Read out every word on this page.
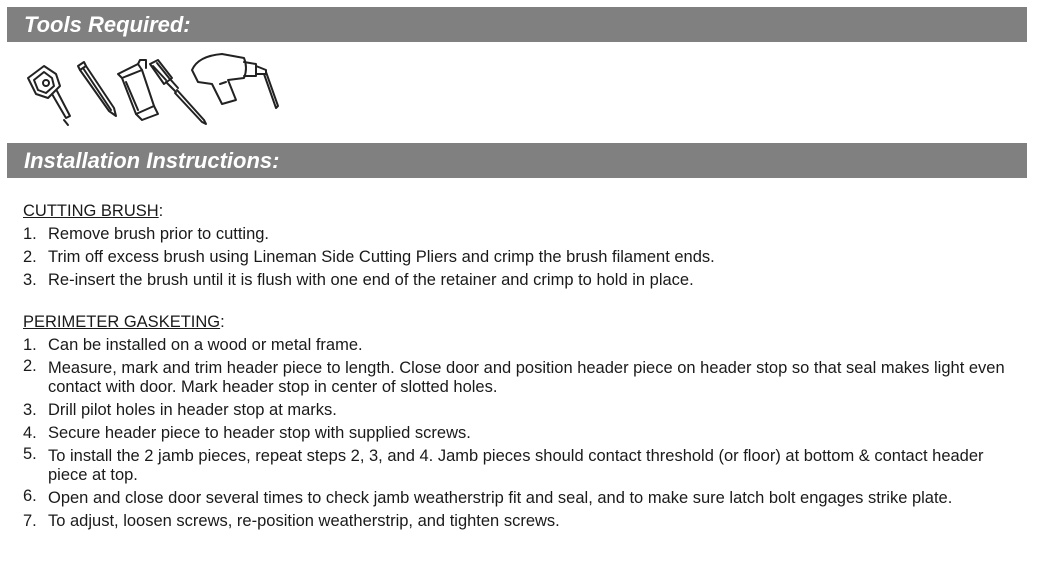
Tools Required:
Installation Instructions:
CUTTING BRUSH:
1. Remove brush prior to cutting.
2. Trim off excess brush using Lineman Side Cutting Pliers and crimp the brush filament ends.
3. Re-insert the brush until it is flush with one end of the retainer and crimp to hold in place.
PERIMETER GASKETING:
1. Can be installed on a wood or metal frame.
2. Measure, mark and trim header piece to length. Close door and position header piece on header stop so that seal makes light even contact with door. Mark header stop in center of slotted holes.
3. Drill pilot holes in header stop at marks.
4. Secure header piece to header stop with supplied screws.
5. To install the 2 jamb pieces, repeat steps 2, 3, and 4. Jamb pieces should contact threshold (or floor) at bottom & contact header piece at top.
6. Open and close door several times to check jamb weatherstrip fit and seal, and to make sure latch bolt engages strike plate.
7. To adjust, loosen screws, re-position weatherstrip, and tighten screws.
